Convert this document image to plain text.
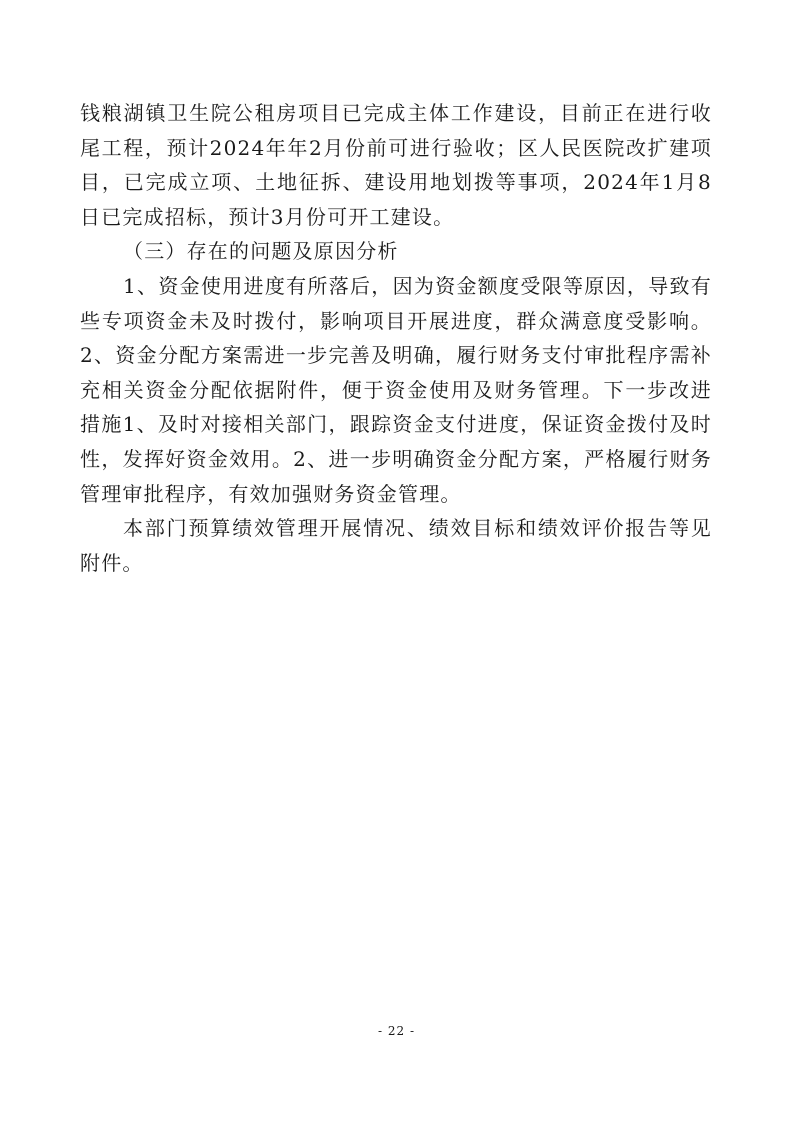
钱粮湖镇卫生院公租房项目已完成主体工作建设，目前正在进行收尾工程，预计2024年年2月份前可进行验收；区人民医院改扩建项目，已完成立项、土地征拆、建设用地划拨等事项，2024年1月8日已完成招标，预计3月份可开工建设。

（三）存在的问题及原因分析

1、资金使用进度有所落后，因为资金额度受限等原因，导致有些专项资金未及时拨付，影响项目开展进度，群众满意度受影响。2、资金分配方案需进一步完善及明确，履行财务支付审批程序需补充相关资金分配依据附件，便于资金使用及财务管理。下一步改进措施1、及时对接相关部门，跟踪资金支付进度，保证资金拨付及时性，发挥好资金效用。2、进一步明确资金分配方案，严格履行财务管理审批程序，有效加强财务资金管理。

本部门预算绩效管理开展情况、绩效目标和绩效评价报告等见附件。

- 22 -
